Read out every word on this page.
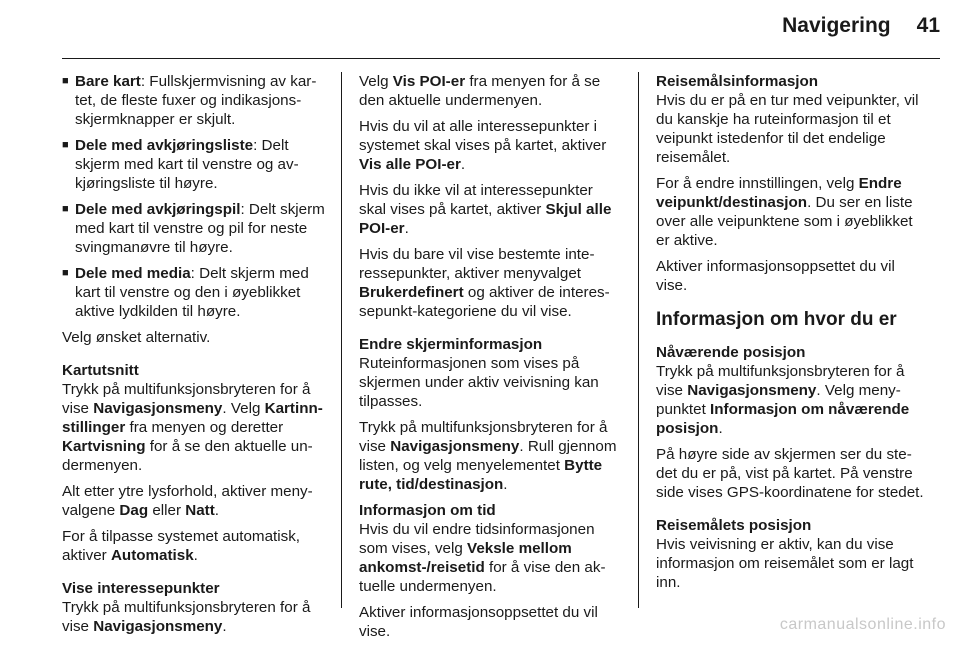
Navigering 41
■ Bare kart: Fullskjermvisning av kartet, de fleste fuxer og indikasjonsskjermknapper er skjult.
■ Dele med avkjøringsliste: Delt skjerm med kart til venstre og avkjøringsliste til høyre.
■ Dele med avkjøringspil: Delt skjerm med kart til venstre og pil for neste svingmanøvre til høyre.
■ Dele med media: Delt skjerm med kart til venstre og den i øyeblikket aktive lydkilden til høyre.

Velg ønsket alternativ.

Kartutsnitt
Trykk på multifunksjonsbryteren for å vise Navigasjonsmeny. Velg Kartinnstillinger fra menyen og deretter Kartvisning for å se den aktuelle undermenyen.

Alt etter ytre lysforhold, aktiver menyvalgene Dag eller Natt.

For å tilpasse systemet automatisk, aktiver Automatisk.

Vise interessepunkter
Trykk på multifunksjonsbryteren for å vise Navigasjonsmeny.

Velg Vis POI-er fra menyen for å se den aktuelle undermenyen.

Hvis du vil at alle interessepunkter i systemet skal vises på kartet, aktiver Vis alle POI-er.

Hvis du ikke vil at interessepunkter skal vises på kartet, aktiver Skjul alle POI-er.

Hvis du bare vil vise bestemte interessepunkter, aktiver menyvalget Brukerdefinert og aktiver de interessepunkt-kategoriene du vil vise.

Endre skjerminformasjon
Ruteinformasjonen som vises på skjermen under aktiv veivisning kan tilpasses.

Trykk på multifunksjonsbryteren for å vise Navigasjonsmeny. Rull gjennom listen, og velg menyelementet Bytte rute, tid/destinasjon.

Informasjon om tid
Hvis du vil endre tidsinformasjonen som vises, velg Veksle mellom ankomst-/reisetid for å vise den aktuelle undermenyen.

Aktiver informasjonsoppsettet du vil vise.

Reisemålsinformasjon
Hvis du er på en tur med veipunkter, vil du kanskje ha ruteinformasjon til et veipunkt istedenfor til det endelige reisemålet.

For å endre innstillingen, velg Endre veipunkt/destinasjon. Du ser en liste over alle veipunktene som i øyeblikket er aktive.

Aktiver informasjonsoppsettet du vil vise.

Informasjon om hvor du er

Nåværende posisjon
Trykk på multifunksjonsbryteren for å vise Navigasjonsmeny. Velg menypunktet Informasjon om nåværende posisjon.

På høyre side av skjermen ser du stedet du er på, vist på kartet. På venstre side vises GPS-koordinatene for stedet.

Reisemålets posisjon
Hvis veivisning er aktiv, kan du vise informasjon om reisemålet som er lagt inn.

carmanualsonline.info
